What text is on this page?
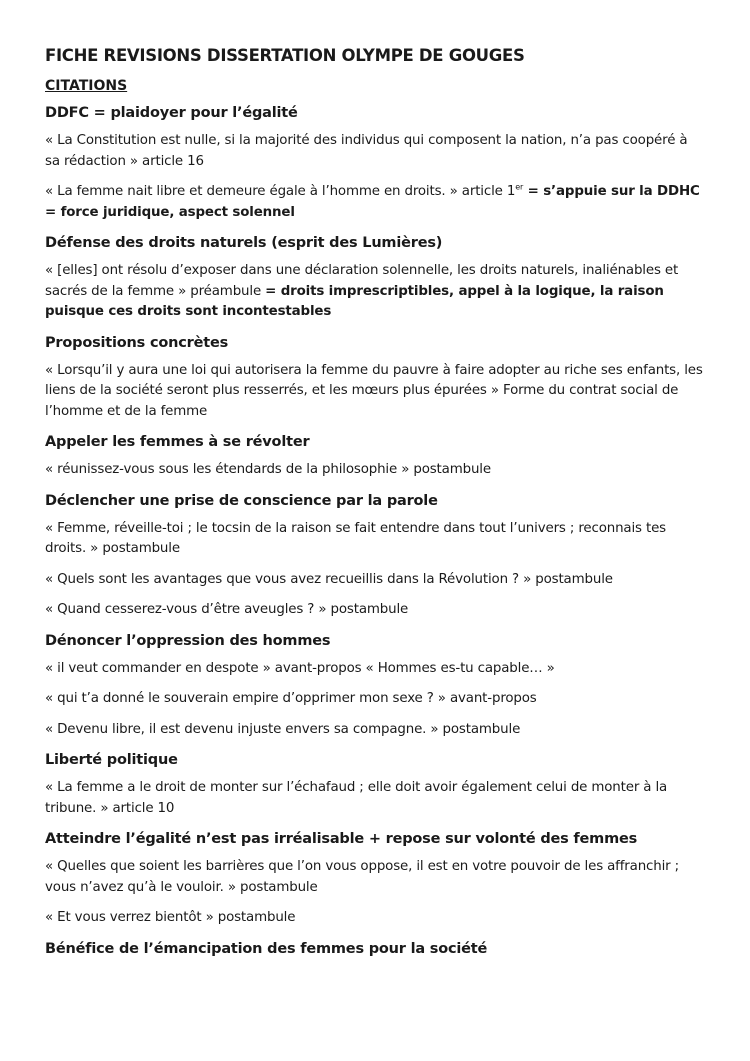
FICHE REVISIONS DISSERTATION OLYMPE DE GOUGES
CITATIONS
DDFC = plaidoyer pour l’égalité
« La Constitution est nulle, si la majorité des individus qui composent la nation, n’a pas coopéré à sa rédaction » article 16
« La femme nait libre et demeure égale à l’homme en droits. » article 1er = s’appuie sur la DDHC = force juridique, aspect solennel
Défense des droits naturels (esprit des Lumières)
« [elles] ont résolu d’exposer dans une déclaration solennelle, les droits naturels, inaliénables et sacrés de la femme » préambule = droits imprescriptibles, appel à la logique, la raison puisque ces droits sont incontestables
Propositions concrètes
« Lorsqu’il y aura une loi qui autorisera la femme du pauvre à faire adopter au riche ses enfants, les liens de la société seront plus resserrés, et les mœurs plus épurées » Forme du contrat social de l’homme et de la femme
Appeler les femmes à se révolter
« réunissez-vous sous les étendards de la philosophie » postambule
Déclencher une prise de conscience par la parole
« Femme, réveille-toi ; le tocsin de la raison se fait entendre dans tout l’univers ; reconnais tes droits. » postambule
« Quels sont les avantages que vous avez recueillis dans la Révolution ? » postambule
« Quand cesserez-vous d’être aveugles ? » postambule
Dénoncer l’oppression des hommes
« il veut commander en despote » avant-propos « Hommes es-tu capable… »
« qui t’a donné le souverain empire d’opprimer mon sexe ? » avant-propos
« Devenu libre, il est devenu injuste envers sa compagne. » postambule
Liberté politique
« La femme a le droit de monter sur l’échafaud ; elle doit avoir également celui de monter à la tribune. » article 10
Atteindre l’égalité n’est pas irréalisable + repose sur volonté des femmes
« Quelles que soient les barrières que l’on vous oppose, il est en votre pouvoir de les affranchir ; vous n’avez qu’à le vouloir. » postambule
« Et vous verrez bientôt » postambule
Bénéfice de l’émancipation des femmes pour la société
